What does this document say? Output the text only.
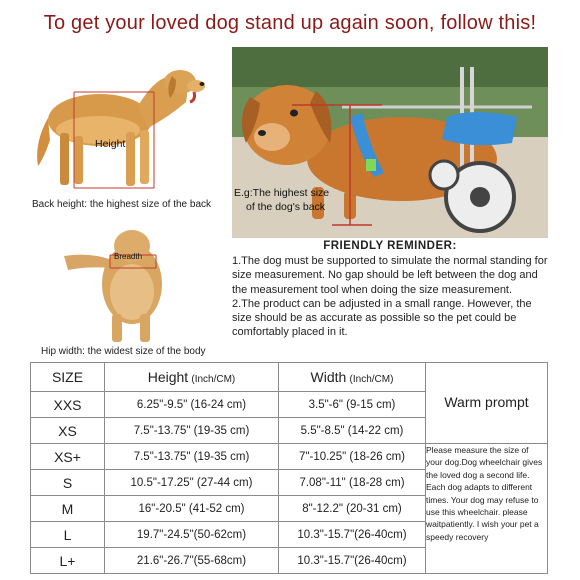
To get your loved dog stand up again soon, follow this!
Height
Back height: the highest size of the back
E.g:The highest size
of the dog's back
Breadth
Hip width: the widest size of the body
FRIENDLY REMINDER:

1.The dog must be supported to simulate the normal standing for size measurement. No gap should be left between the dog and the measurement tool when doing the size measurement.

2.The product can be adjusted in a small range. However, the size should be as accurate as possible so the pet could be comfortably placed in it.

SIZE	Height (Inch/CM)	Width (Inch/CM)	Warm prompt
XXS	6.25"-9.5" (16-24 cm)	3.5"-6" (9-15 cm)	
XS	7.5"-13.75" (19-35 cm)	5.5"-8.5" (14-22 cm)	
XS+	7.5"-13.75" (19-35 cm)	7"-10.25" (18-26 cm)	Please measure the size of your dog.Dog wheelchair gives the loved dog a second life. Each dog adapts to different times. Your dog may refuse to use this wheelchair. please waitpatiently. I wish your pet a speedy recovery
S	10.5"-17.25" (27-44 cm)	7.08"-11" (18-28 cm)	
M	16"-20.5" (41-52 cm)	8"-12.2" (20-31 cm)	
L	19.7"-24.5"(50-62cm)	10.3"-15.7"(26-40cm)	
L+	21.6"-26.7"(55-68cm)	10.3"-15.7"(26-40cm)	
